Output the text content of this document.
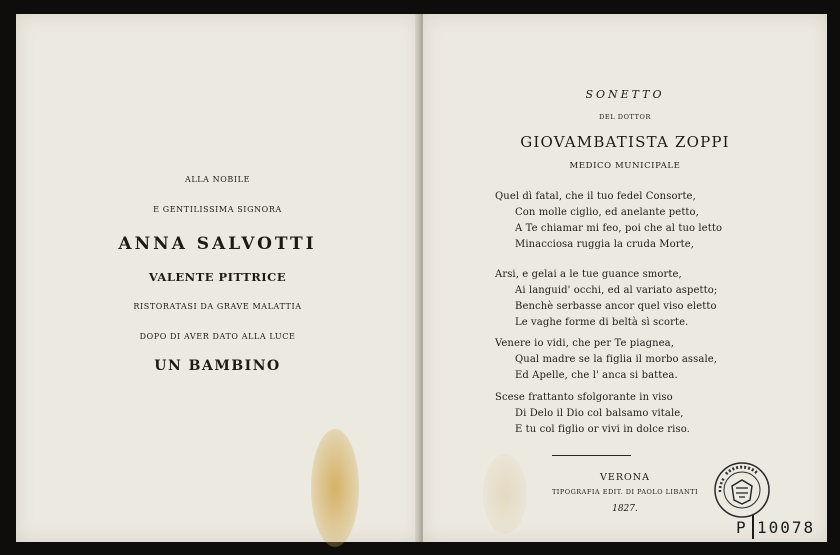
ALLA NOBILE
E GENTILISSIMA SIGNORA
ANNA SALVOTTI
VALENTE PITTRICE
RISTORATASI DA GRAVE MALATTIA
DOPO DI AVER DATO ALLA LUCE
UN BAMBINO
SONETTO
DEL DOTTOR
GIOVAMBATISTA ZOPPI
MEDICO MUNICIPALE
Quel dì fatal, che il tuo fedel Consorte,
Con molle ciglio, ed anelante petto,
A Te chiamar mi feo, poi che al tuo letto
Minacciosa ruggia la cruda Morte,
Arsi, e gelai a le tue guance smorte,
Ai languid' occhi, ed al variato aspetto;
Benchè serbasse ancor quel viso eletto
Le vaghe forme di beltà sì scorte.
Venere io vidi, che per Te piagnea,
Qual madre se la figlia il morbo assale,
Ed Apelle, che l' anca si battea.
Scese frattanto sfolgorante in viso
Di Delo il Dio col balsamo vitale,
E tu col figlio or vivi in dolce riso.
VERONA
TIPOGRAFIA EDIT. DI PAOLO LIBANTI
1827.
P 10078
